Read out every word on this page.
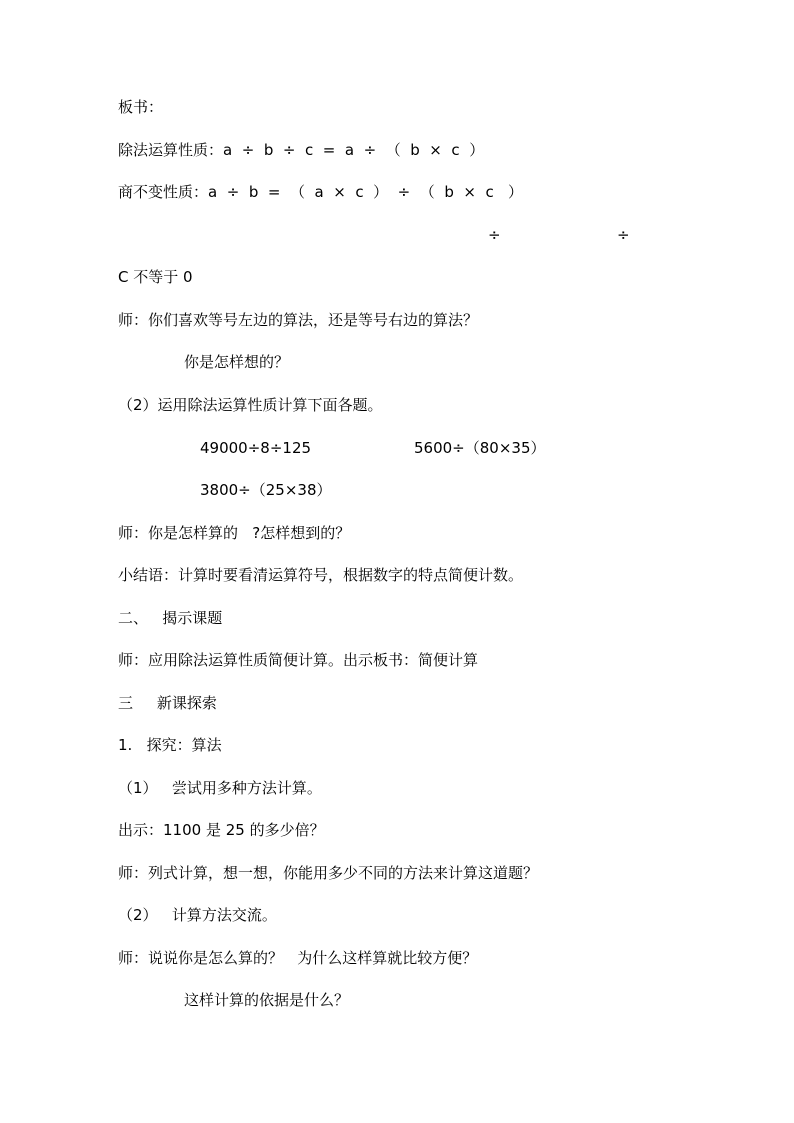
板书：
除法运算性质：a  ÷  b  ÷  c  =  a  ÷  （  b  ×  c  ）
商不变性质：a  ÷  b  =  （  a  ×  c  ）  ÷  （  b  ×  c   ）
÷	÷
C 不等于 0
师：你们喜欢等号左边的算法，还是等号右边的算法？
你是怎样想的？
（2）运用除法运算性质计算下面各题。
49000÷8÷125	5600÷（80×35）
3800÷（25×38）
师：你是怎样算的   ?怎样想到的？
小结语：计算时要看清运算符号，根据数字的特点简便计数。
二、   揭示课题
师：应用除法运算性质简便计算。出示板书：简便计算
三     新课探索
1.   探究：算法
（1）   尝试用多种方法计算。
出示：1100 是 25 的多少倍？
师：列式计算，想一想，你能用多少不同的方法来计算这道题？
（2）   计算方法交流。
师：说说你是怎么算的？   为什么这样算就比较方便？
这样计算的依据是什么？
